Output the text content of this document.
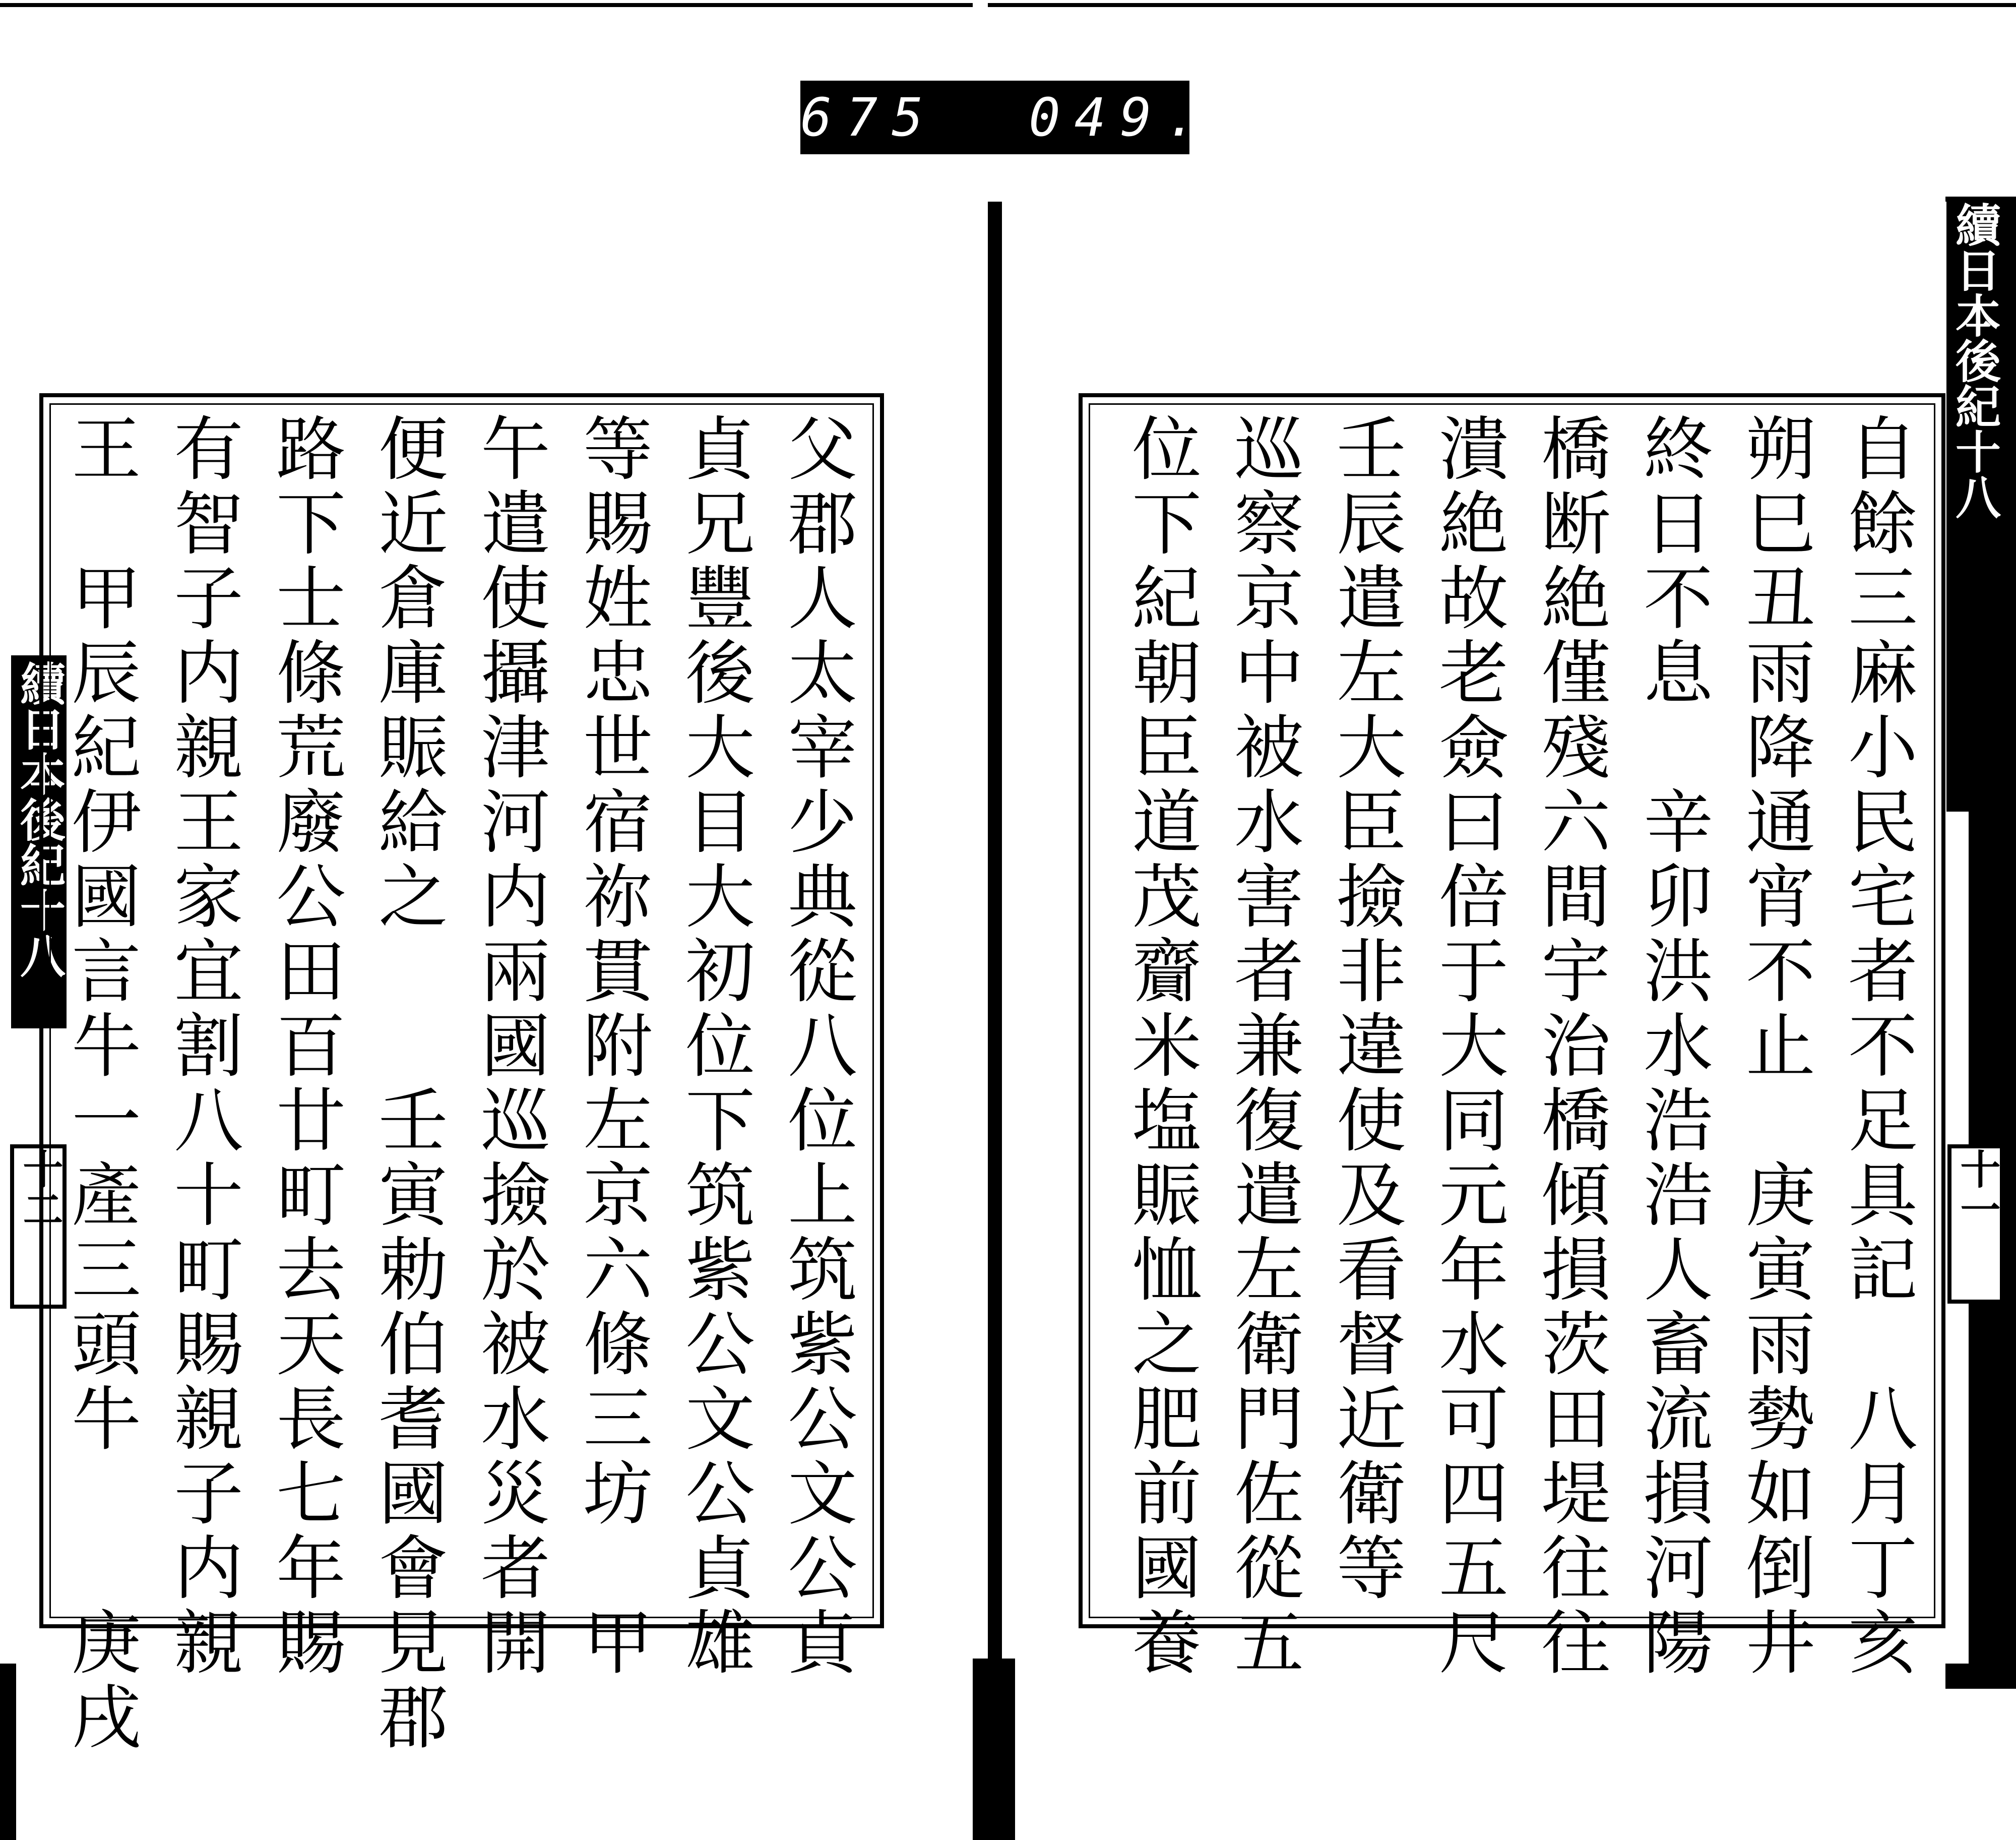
675  049.
續日本後紀十八
十二
續日本後紀十八
十一
父郡人太宰少典從八位上筑紫公文公貞
貞兄豐後大目大初位下筑紫公文公貞雄
等賜姓忠世宿祢貫附左京六條三坊　甲
午遣使攝津河内兩國巡撿於被水災者開
便近倉庫賑給之　　壬寅勅伯耆國會見郡
路下士條荒廢公田百廿町去天長七年賜
有智子内親王家宜割八十町賜親子内親
王　甲辰紀伊國言牛一產三頭牛　　庚戌	自餘三麻小民宅者不足具記　八月丁亥
朔巳丑雨降通宵不止　庚寅雨勢如倒井
終日不息　辛卯洪水浩浩人畜流損河陽
橋断絶僅殘六間宇治橋傾損茨田堤往往
潰絶故老僉曰倍于大同元年水可四五尺
壬辰遣左大臣撿非違使及看督近衛等
巡察京中被水害者兼復遣左衛門佐從五
位下紀朝臣道茂齎米塩賑恤之肥前國養
